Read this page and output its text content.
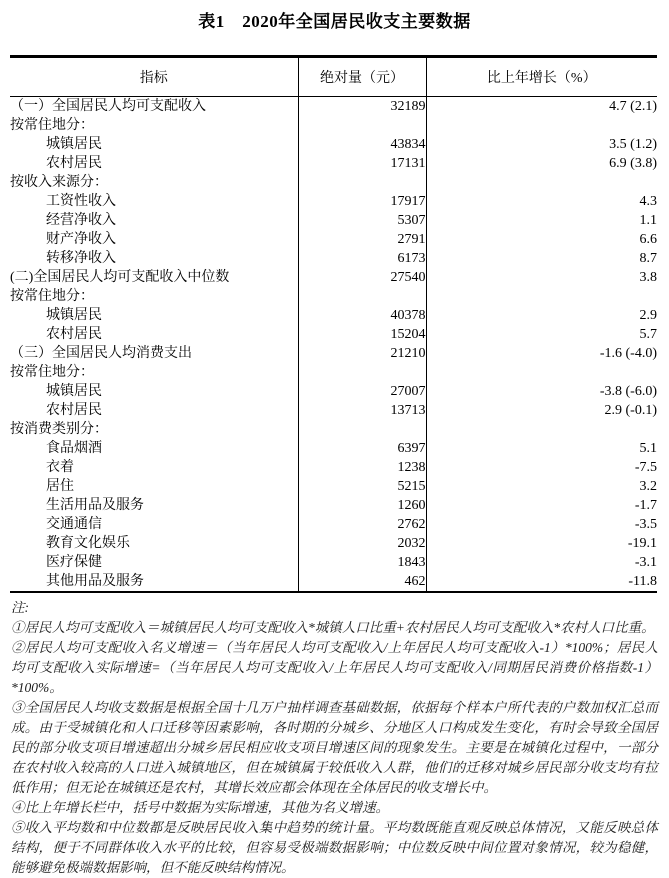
表1　2020年全国居民收支主要数据
指标	绝对量（元）	比上年增长（%）
（一）全国居民人均可支配收入	32189	4.7 (2.1)
按常住地分：		
城镇居民	43834	3.5 (1.2)
农村居民	17131	6.9 (3.8)
按收入来源分：		
工资性收入	17917	4.3
经营净收入	5307	1.1
财产净收入	2791	6.6
转移净收入	6173	8.7
(二)全国居民人均可支配收入中位数	27540	3.8
按常住地分：		
城镇居民	40378	2.9
农村居民	15204	5.7
（三）全国居民人均消费支出	21210	-1.6 (-4.0)
按常住地分：		
城镇居民	27007	-3.8 (-6.0)
农村居民	13713	2.9 (-0.1)
按消费类别分：		
食品烟酒	6397	5.1
衣着	1238	-7.5
居住	5215	3.2
生活用品及服务	1260	-1.7
交通通信	2762	-3.5
教育文化娱乐	2032	-19.1
医疗保健	1843	-3.1
其他用品及服务	462	-11.8
注:
①居民人均可支配收入＝城镇居民人均可支配收入*城镇人口比重+农村居民人均可支配收入*农村人口比重。
②居民人均可支配收入名义增速＝（当年居民人均可支配收入/上年居民人均可支配收入-1）*100%；居民人均可支配收入实际增速=（当年居民人均可支配收入/上年居民人均可支配收入/同期居民消费价格指数-1）*100%。
③全国居民人均收支数据是根据全国十几万户抽样调查基础数据，依据每个样本户所代表的户数加权汇总而成。由于受城镇化和人口迁移等因素影响，各时期的分城乡、分地区人口构成发生变化，有时会导致全国居民的部分收支项目增速超出分城乡居民相应收支项目增速区间的现象发生。主要是在城镇化过程中，一部分在农村收入较高的人口进入城镇地区，但在城镇属于较低收入人群，他们的迁移对城乡居民部分收支均有拉低作用；但无论在城镇还是农村，其增长效应都会体现在全体居民的收支增长中。
④比上年增长栏中，括号中数据为实际增速，其他为名义增速。
⑤收入平均数和中位数都是反映居民收入集中趋势的统计量。平均数既能直观反映总体情况，又能反映总体结构，便于不同群体收入水平的比较，但容易受极端数据影响；中位数反映中间位置对象情况，较为稳健，能够避免极端数据影响，但不能反映结构情况。
